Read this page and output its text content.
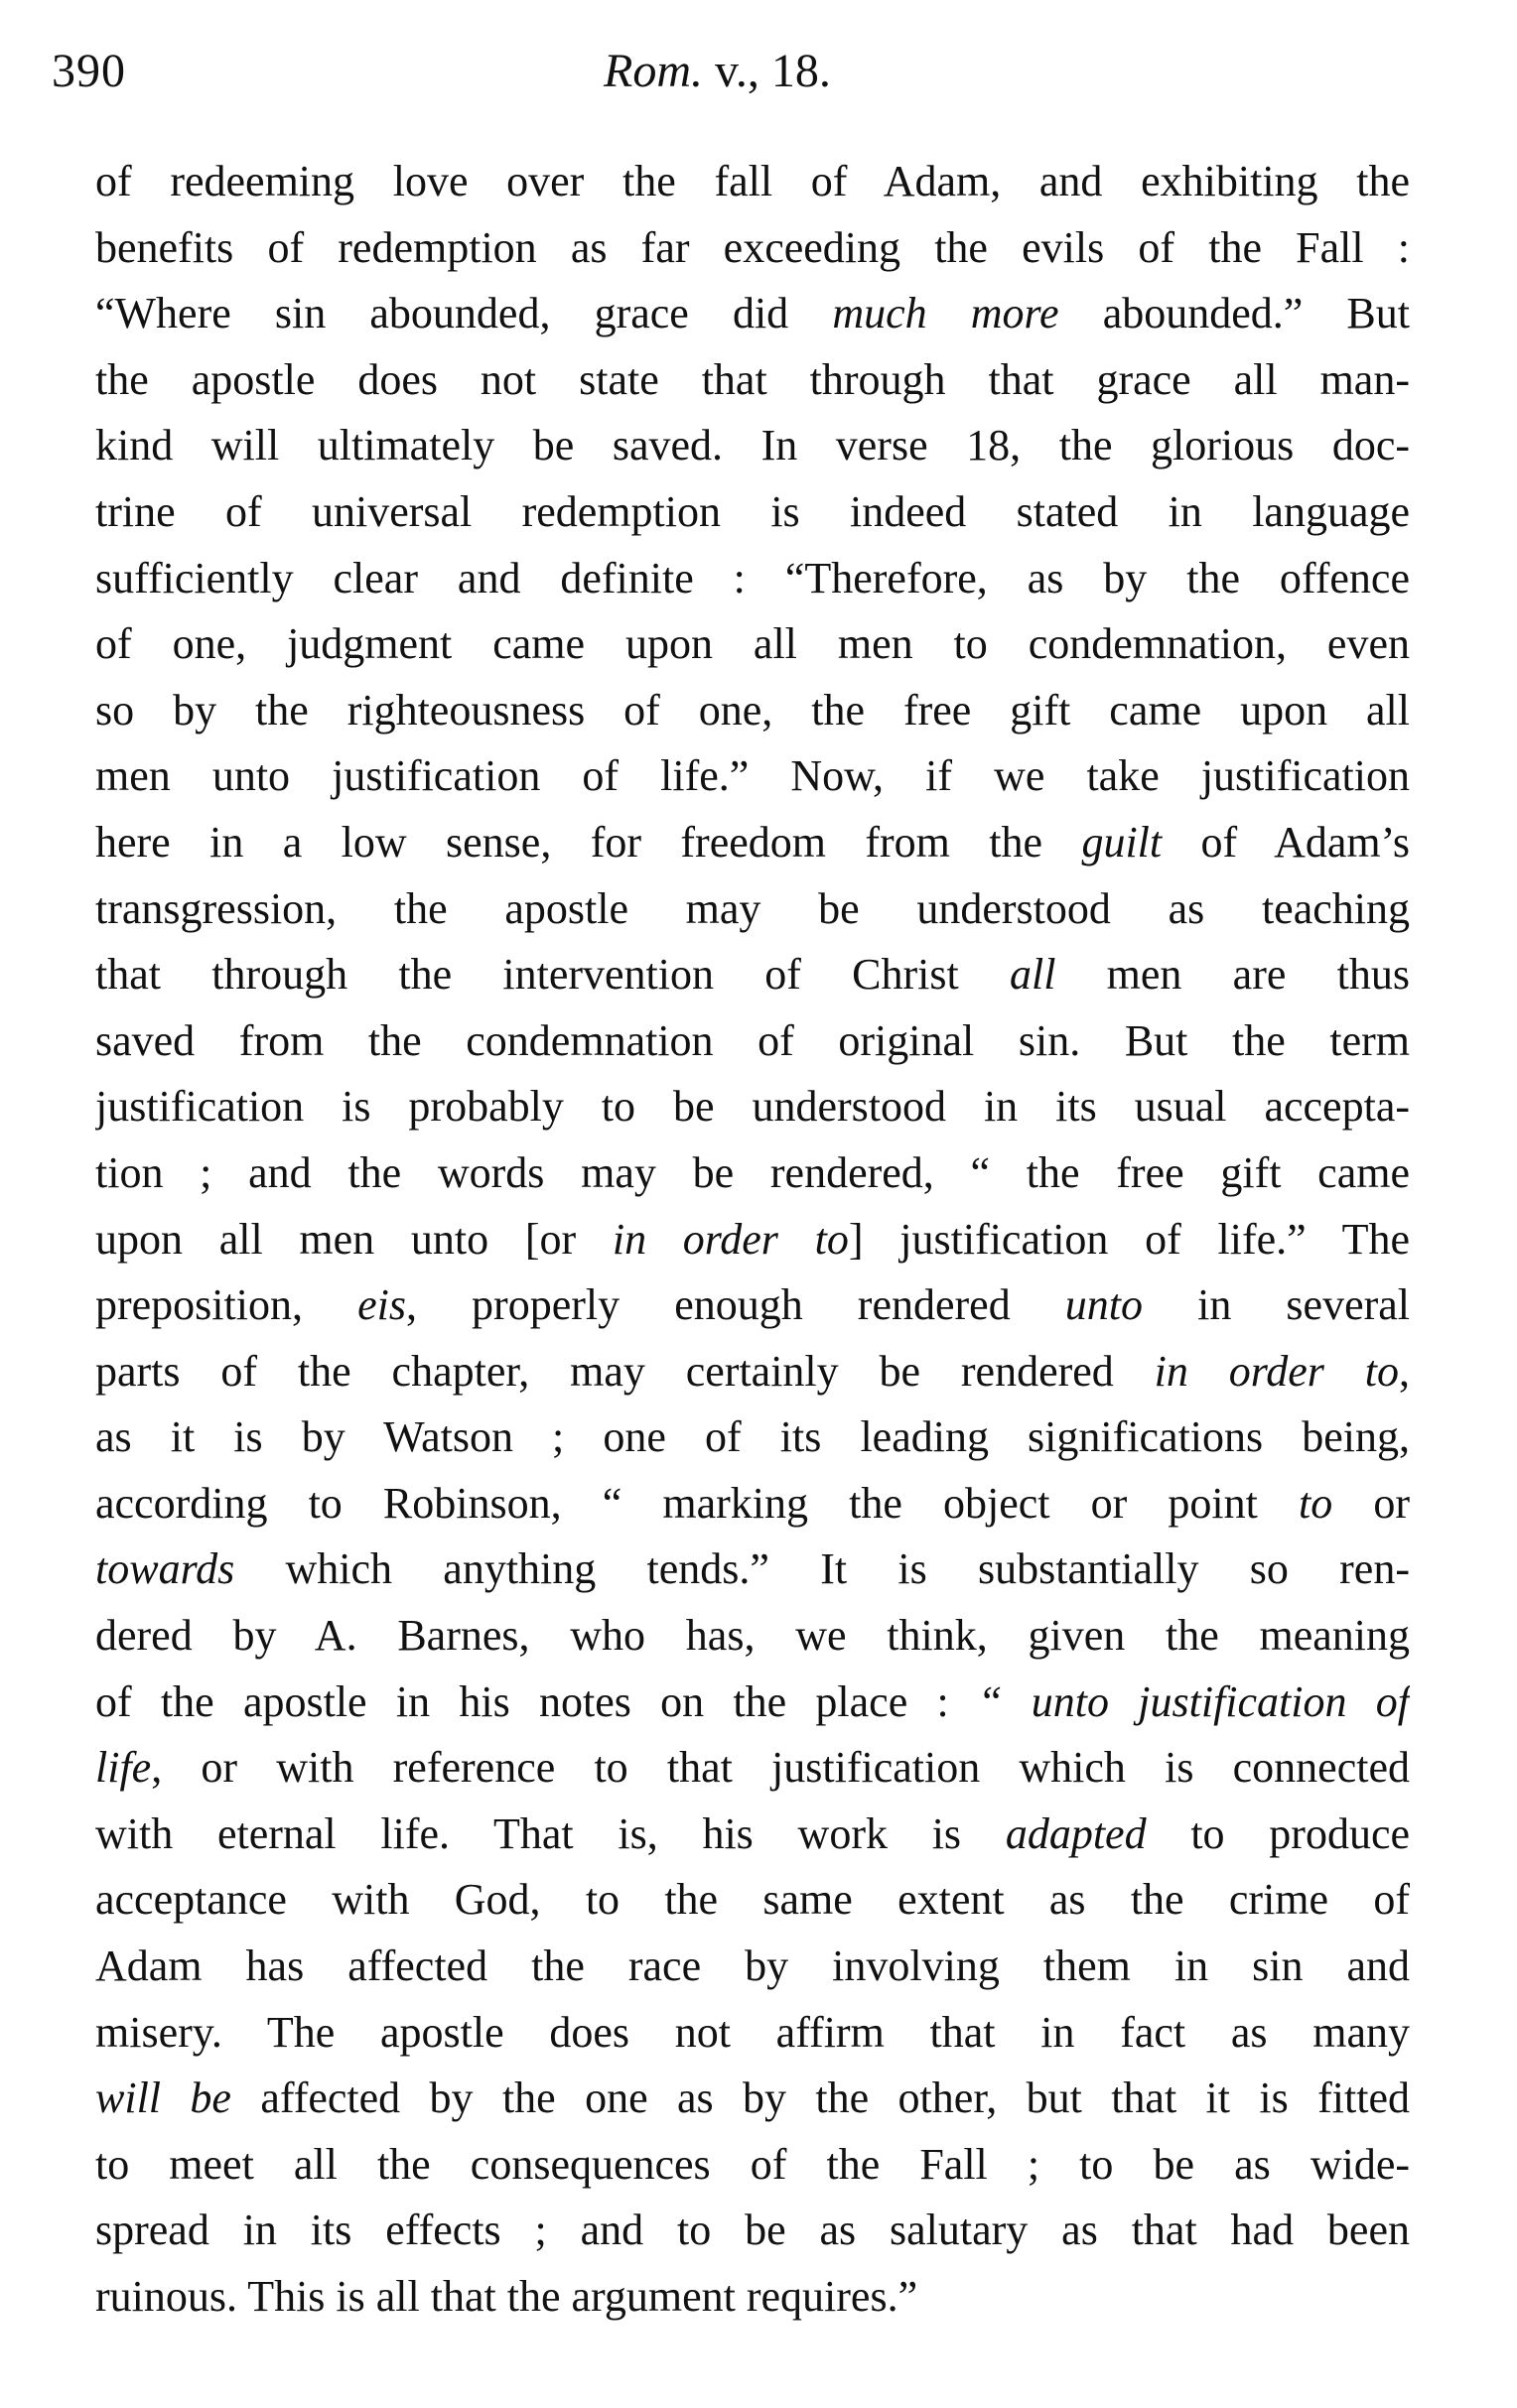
390	Rom. v., 18.
of redeeming love over the fall of Adam, and exhibiting the
benefits of redemption as far exceeding the evils of the Fall :
“Where sin abounded, grace did much more abounded.” But
the apostle does not state that through that grace all man-
kind will ultimately be saved. In verse 18, the glorious doc-
trine of universal redemption is indeed stated in language
sufficiently clear and definite : “Therefore, as by the offence
of one, judgment came upon all men to condemnation, even
so by the righteousness of one, the free gift came upon all
men unto justification of life.” Now, if we take justification
here in a low sense, for freedom from the guilt of Adam’s
transgression, the apostle may be understood as teaching
that through the intervention of Christ all men are thus
saved from the condemnation of original sin. But the term
justification is probably to be understood in its usual accepta-
tion ; and the words may be rendered, “ the free gift came
upon all men unto [or in order to] justification of life.” The
preposition, eis, properly enough rendered unto in several
parts of the chapter, may certainly be rendered in order to,
as it is by Watson ; one of its leading significations being,
according to Robinson, “ marking the object or point to or
towards which anything tends.” It is substantially so ren-
dered by A. Barnes, who has, we think, given the meaning
of the apostle in his notes on the place : “ unto justification of
life, or with reference to that justification which is connected
with eternal life. That is, his work is adapted to produce
acceptance with God, to the same extent as the crime of
Adam has affected the race by involving them in sin and
misery. The apostle does not affirm that in fact as many
will be affected by the one as by the other, but that it is fitted
to meet all the consequences of the Fall ; to be as wide-
spread in its effects ; and to be as salutary as that had been
ruinous. This is all that the argument requires.”
